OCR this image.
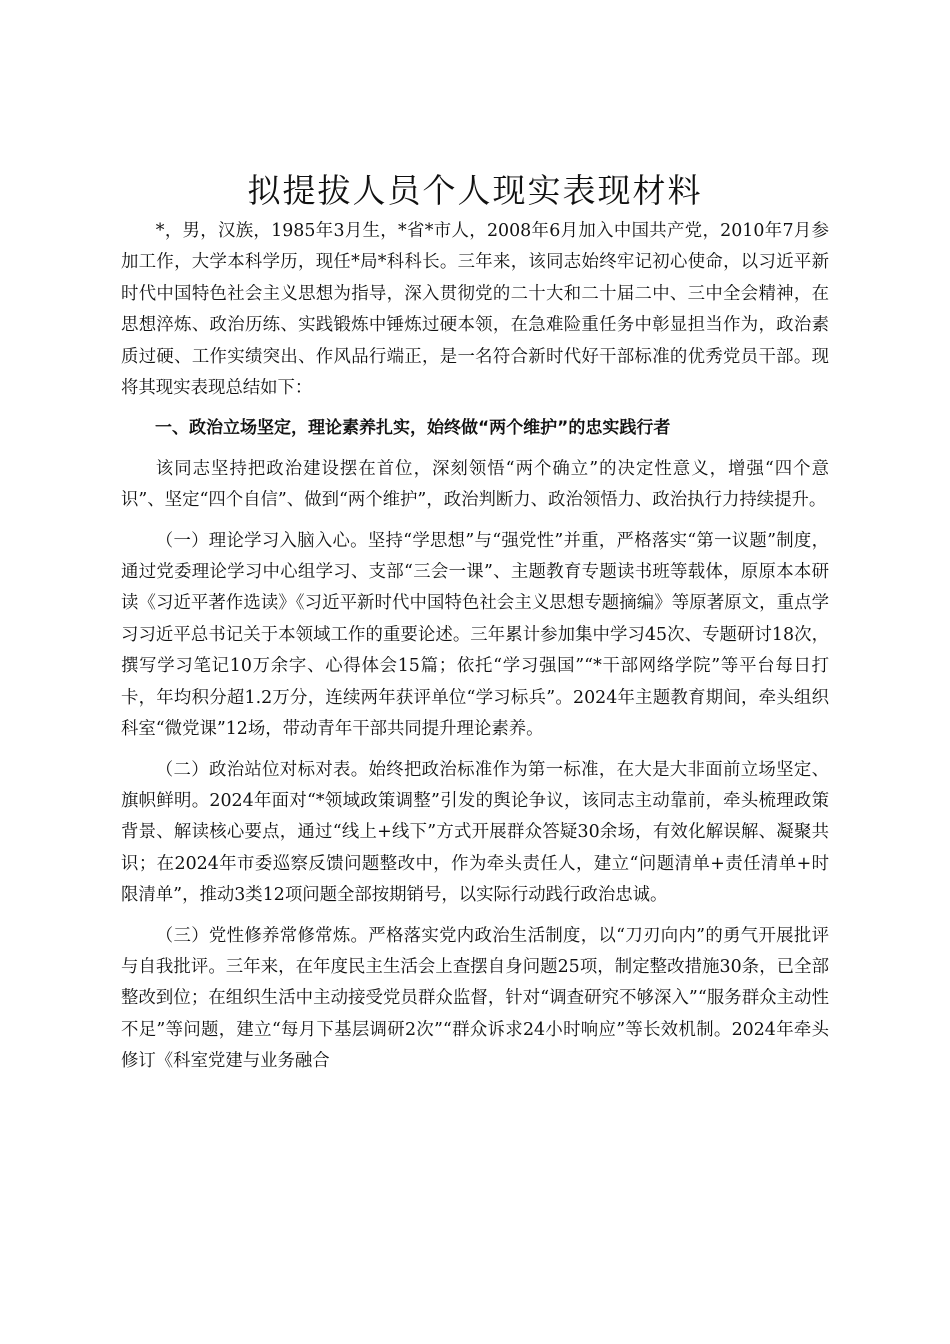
拟提拔人员个人现实表现材料

*，男，汉族，1985年3月生，*省*市人，2008年6月加入中国共产党，2010年7月参加工作，大学本科学历，现任*局*科科长。三年来，该同志始终牢记初心使命，以习近平新时代中国特色社会主义思想为指导，深入贯彻党的二十大和二十届二中、三中全会精神，在思想淬炼、政治历练、实践锻炼中锤炼过硬本领，在急难险重任务中彰显担当作为，政治素质过硬、工作实绩突出、作风品行端正，是一名符合新时代好干部标准的优秀党员干部。现将其现实表现总结如下：

一、政治立场坚定，理论素养扎实，始终做“两个维护”的忠实践行者

该同志坚持把政治建设摆在首位，深刻领悟“两个确立”的决定性意义，增强“四个意识”、坚定“四个自信”、做到“两个维护”，政治判断力、政治领悟力、政治执行力持续提升。

（一）理论学习入脑入心。坚持“学思想”与“强党性”并重，严格落实“第一议题”制度，通过党委理论学习中心组学习、支部“三会一课”、主题教育专题读书班等载体，原原本本研读《习近平著作选读》《习近平新时代中国特色社会主义思想专题摘编》等原著原文，重点学习习近平总书记关于本领域工作的重要论述。三年累计参加集中学习45次、专题研讨18次，撰写学习笔记10万余字、心得体会15篇；依托“学习强国”“*干部网络学院”等平台每日打卡，年均积分超1.2万分，连续两年获评单位“学习标兵”。2024年主题教育期间，牵头组织科室“微党课”12场，带动青年干部共同提升理论素养。

（二）政治站位对标对表。始终把政治标准作为第一标准，在大是大非面前立场坚定、旗帜鲜明。2024年面对“*领域政策调整”引发的舆论争议，该同志主动靠前，牵头梳理政策背景、解读核心要点，通过“线上+线下”方式开展群众答疑30余场，有效化解误解、凝聚共识；在2024年市委巡察反馈问题整改中，作为牵头责任人，建立“问题清单+责任清单+时限清单”，推动3类12项问题全部按期销号，以实际行动践行政治忠诚。

（三）党性修养常修常炼。严格落实党内政治生活制度，以“刀刃向内”的勇气开展批评与自我批评。三年来，在年度民主生活会上查摆自身问题25项，制定整改措施30条，已全部整改到位；在组织生活中主动接受党员群众监督，针对“调查研究不够深入”“服务群众主动性不足”等问题，建立“每月下基层调研2次”“群众诉求24小时响应”等长效机制。2024年牵头修订《科室党建与业务融合
